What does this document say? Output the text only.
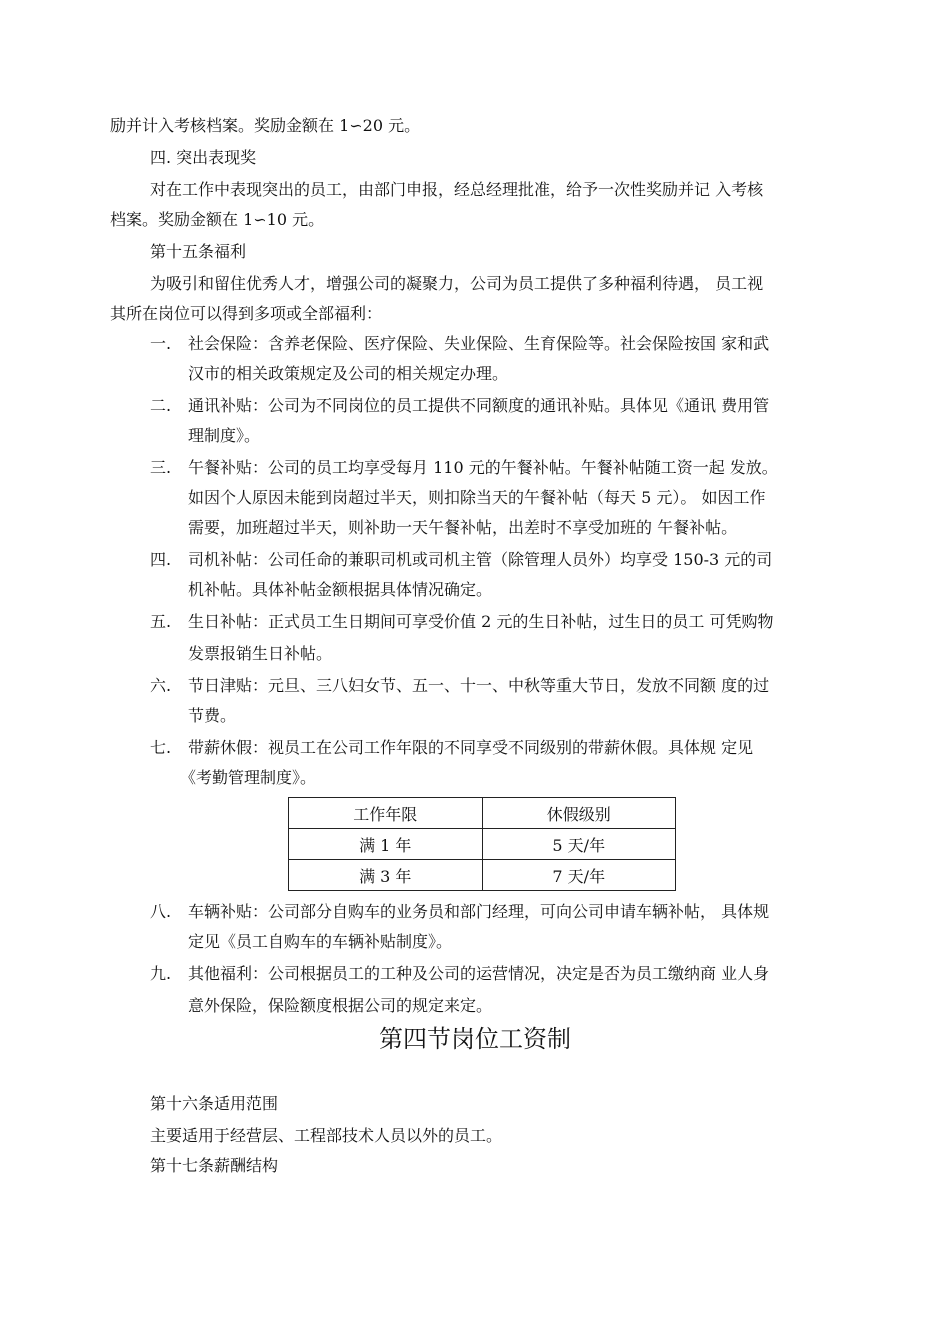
励并计入考核档案。奖励金额在 1∽20 元。
四. 突出表现奖
对在工作中表现突出的员工，由部门申报，经总经理批准，给予一次性奖励并记 入考核
档案。奖励金额在 1∽10 元。
第十五条福利
为吸引和留住优秀人才，增强公司的凝聚力，公司为员工提供了多种福利待遇， 员工视
其所在岗位可以得到多项或全部福利：
一. 社会保险：含养老保险、医疗保险、失业保险、生育保险等。社会保险按国 家和武
汉市的相关政策规定及公司的相关规定办理。
二. 通讯补贴：公司为不同岗位的员工提供不同额度的通讯补贴。具体见《通讯 费用管
理制度》。
三. 午餐补贴：公司的员工均享受每月 110 元的午餐补帖。午餐补帖随工资一起 发放。
如因个人原因未能到岗超过半天，则扣除当天的午餐补帖（每天 5 元）。 如因工作
需要，加班超过半天，则补助一天午餐补帖，出差时不享受加班的 午餐补帖。
四. 司机补帖：公司任命的兼职司机或司机主管（除管理人员外）均享受 150-3 元的司
机补帖。具体补帖金额根据具体情况确定。
五. 生日补帖：正式员工生日期间可享受价值 2 元的生日补帖，过生日的员工 可凭购物
发票报销生日补帖。
六. 节日津贴：元旦、三八妇女节、五一、十一、中秋等重大节日，发放不同额 度的过
节费。
七. 带薪休假：视员工在公司工作年限的不同享受不同级别的带薪休假。具体规 定见
《考勤管理制度》。
工作年限	休假级别
满 1 年	5 天/年
满 3 年	7 天/年
八. 车辆补贴：公司部分自购车的业务员和部门经理，可向公司申请车辆补帖， 具体规
定见《员工自购车的车辆补贴制度》。
九. 其他福利：公司根据员工的工种及公司的运营情况，决定是否为员工缴纳商 业人身
意外保险，保险额度根据公司的规定来定。
第四节岗位工资制
第十六条适用范围
主要适用于经营层、工程部技术人员以外的员工。
第十七条薪酬结构
